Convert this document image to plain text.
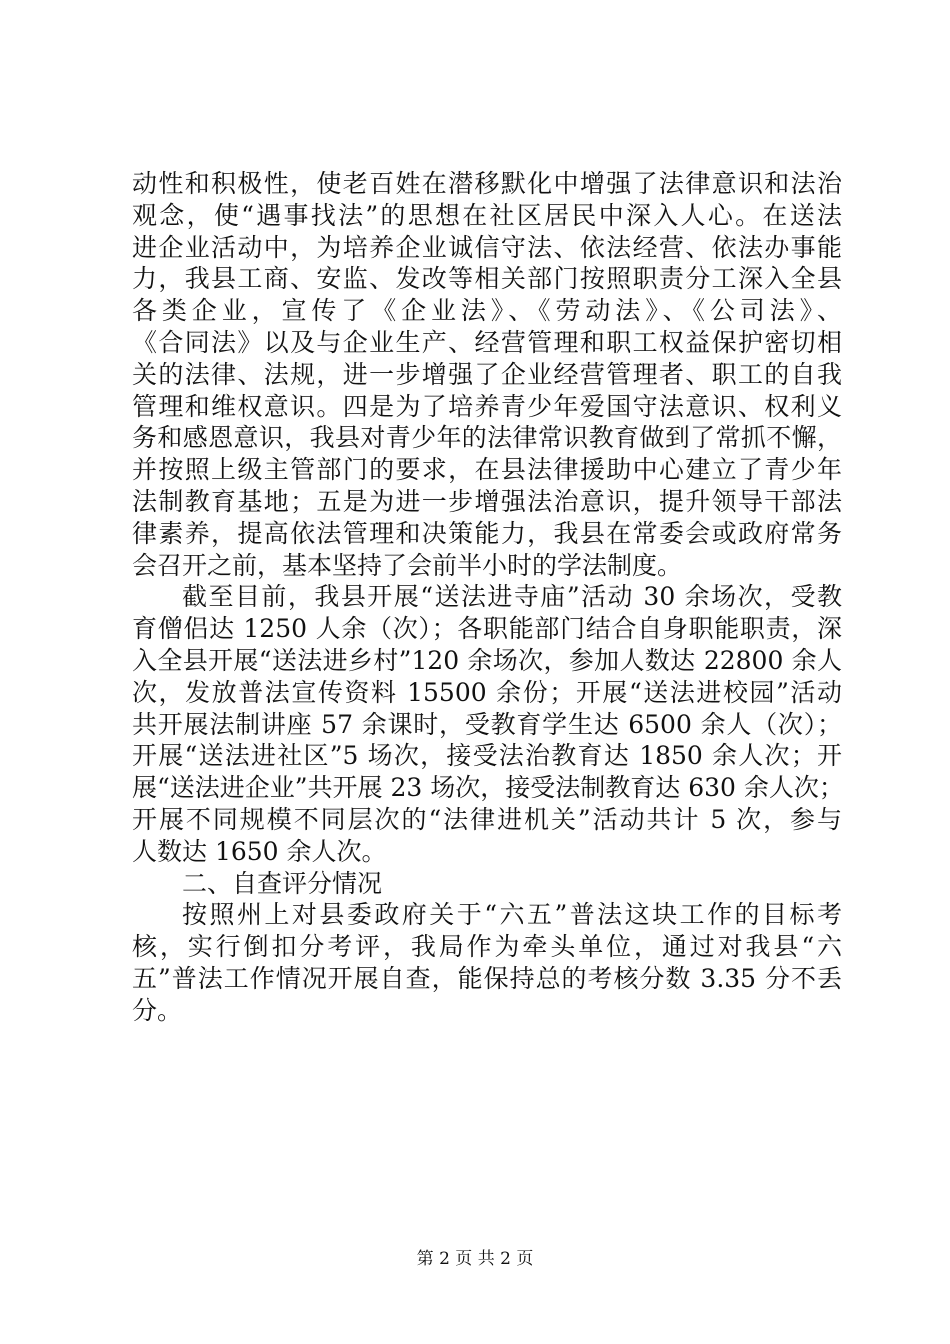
动性和积极性，使老百姓在潜移默化中增强了法律意识和法治
观念，使“遇事找法”的思想在社区居民中深入人心。在送法
进企业活动中，为培养企业诚信守法、依法经营、依法办事能
力，我县工商、安监、发改等相关部门按照职责分工深入全县
各类企业，宣传了《企业法》、《劳动法》、《公司法》、
《合同法》以及与企业生产、经营管理和职工权益保护密切相
关的法律、法规，进一步增强了企业经营管理者、职工的自我
管理和维权意识。四是为了培养青少年爱国守法意识、权利义
务和感恩意识，我县对青少年的法律常识教育做到了常抓不懈，
并按照上级主管部门的要求，在县法律援助中心建立了青少年
法制教育基地；五是为进一步增强法治意识，提升领导干部法
律素养，提高依法管理和决策能力，我县在常委会或政府常务
会召开之前，基本坚持了会前半小时的学法制度。
截至目前，我县开展“送法进寺庙”活动 30 余场次，受教
育僧侣达 1250 人余（次）；各职能部门结合自身职能职责，深
入全县开展“送法进乡村”120 余场次，参加人数达 22800 余人
次，发放普法宣传资料 15500 余份；开展“送法进校园”活动
共开展法制讲座 57 余课时，受教育学生达 6500 余人（次）；
开展“送法进社区”5 场次，接受法治教育达 1850 余人次；开
展“送法进企业”共开展 23 场次，接受法制教育达 630 余人次；
开展不同规模不同层次的“法律进机关”活动共计 5 次，参与
人数达 1650 余人次。
二、自查评分情况
按照州上对县委政府关于“六五”普法这块工作的目标考
核，实行倒扣分考评，我局作为牵头单位，通过对我县“六
五”普法工作情况开展自查，能保持总的考核分数 3.35 分不丢
分。
第 2 页 共 2 页
